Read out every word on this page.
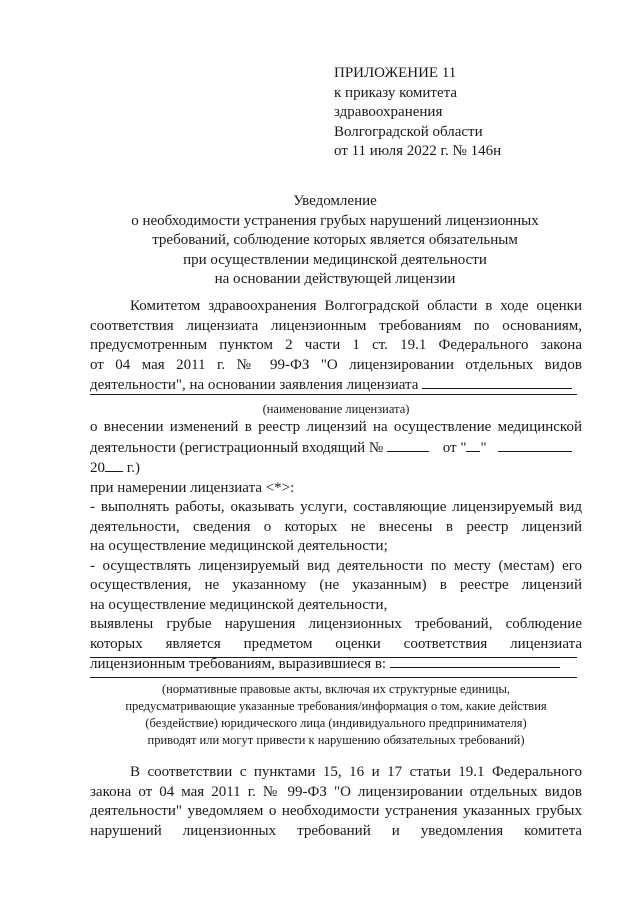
ПРИЛОЖЕНИЕ 11
к приказу комитета
здравоохранения
Волгоградской области
от 11 июля 2022 г. № 146н
Уведомление
о необходимости устранения грубых нарушений лицензионных
требований, соблюдение которых является обязательным
при осуществлении медицинской деятельности
на основании действующей лицензии
Комитетом здравоохранения Волгоградской области в ходе оценки
соответствия лицензиата лицензионным требованиям по основаниям,
предусмотренным пунктом 2 части 1 ст. 19.1 Федерального закона
от 04 мая 2011 г. № 99-ФЗ "О лицензировании отдельных видов
деятельности", на основании заявления лицензиата
(наименование лицензиата)
о внесении изменений в реестр лицензий на осуществление медицинской
деятельности (регистрационный входящий №	от " "
20 г.)
при намерении лицензиата <*>:
- выполнять работы, оказывать услуги, составляющие лицензируемый вид
деятельности, сведения о которых не внесены в реестр лицензий
на осуществление медицинской деятельности;
- осуществлять лицензируемый вид деятельности по месту (местам) его
осуществления, не указанному (не указанным) в реестре лицензий
на осуществление медицинской деятельности,
выявлены грубые нарушения лицензионных требований, соблюдение
которых является предметом оценки соответствия лицензиата
лицензионным требованиям, выразившиеся в:
(нормативные правовые акты, включая их структурные единицы,
предусматривающие указанные требования/информация о том, какие действия
(бездействие) юридического лица (индивидуального предпринимателя)
приводят или могут привести к нарушению обязательных требований)
В соответствии с пунктами 15, 16 и 17 статьи 19.1 Федерального
закона от 04 мая 2011 г. № 99-ФЗ "О лицензировании отдельных видов
деятельности" уведомляем о необходимости устранения указанных грубых
нарушений лицензионных требований и уведомления комитета
